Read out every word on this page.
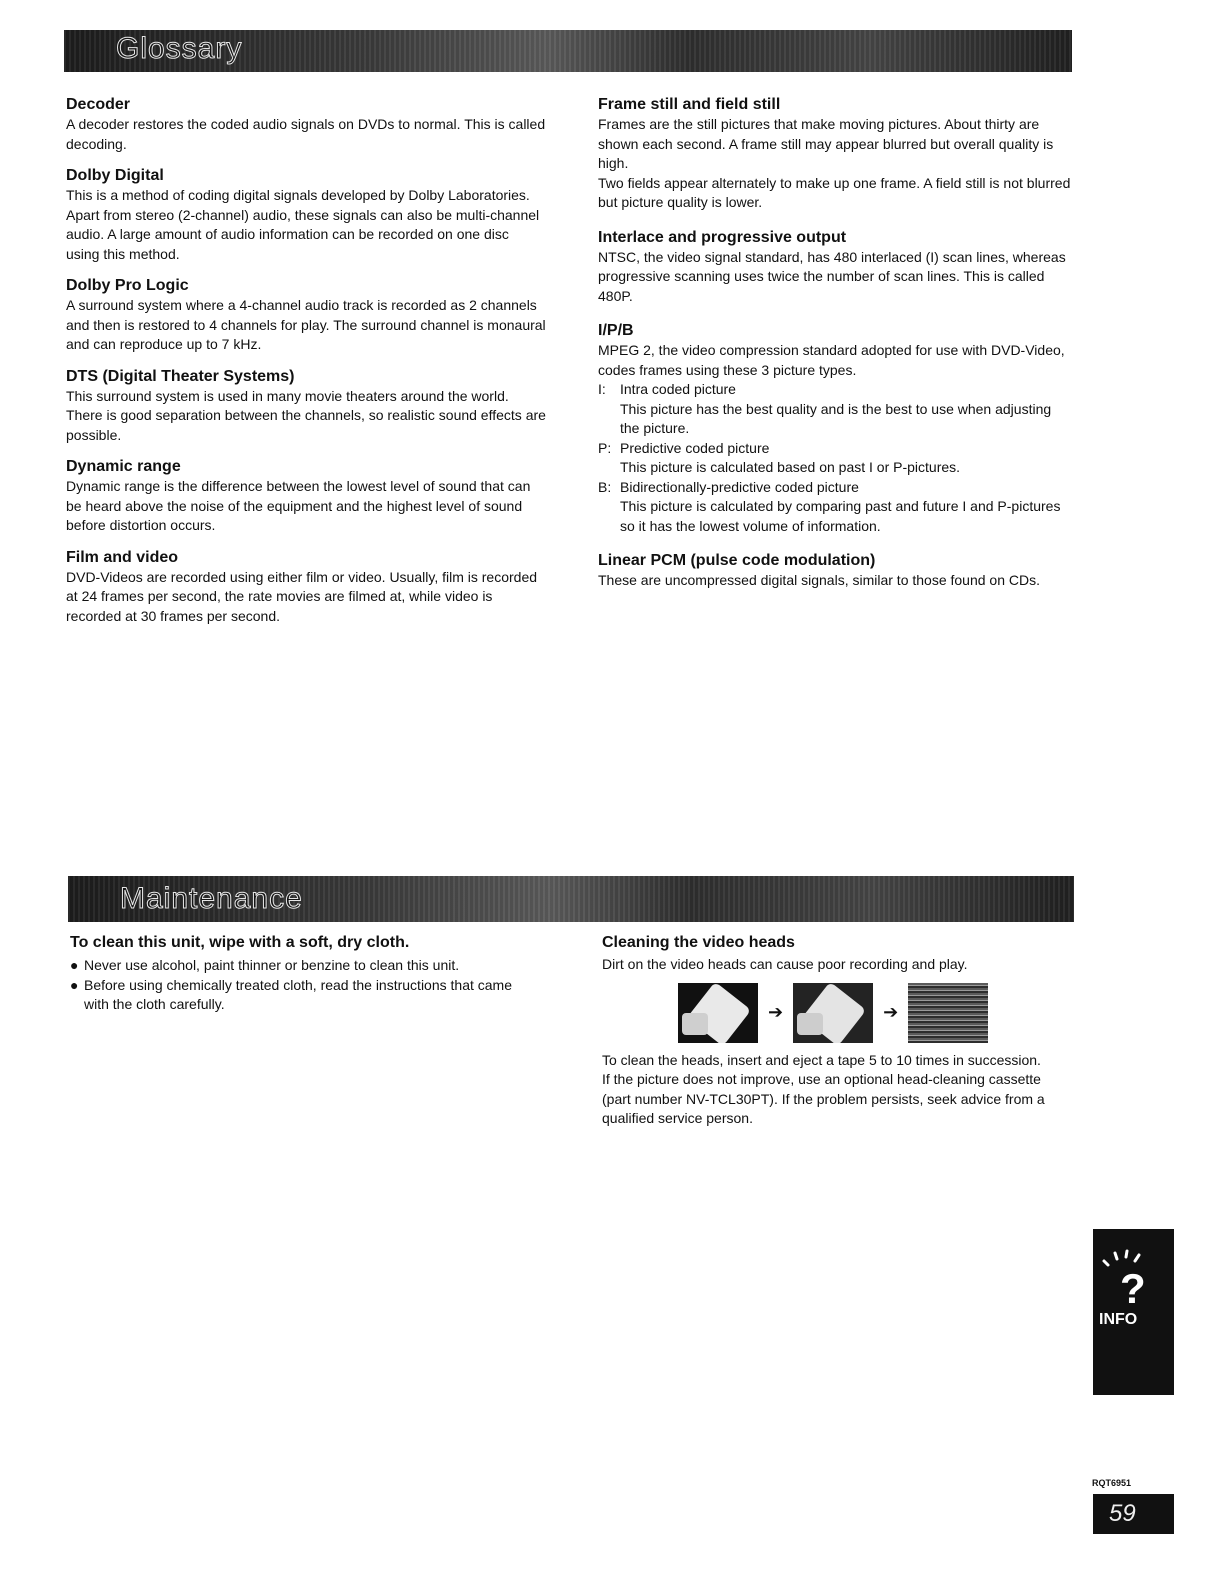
Glossary
Decoder

A decoder restores the coded audio signals on DVDs to normal. This is called decoding.

Dolby Digital

This is a method of coding digital signals developed by Dolby Laboratories. Apart from stereo (2-channel) audio, these signals can also be multi-channel audio. A large amount of audio information can be recorded on one disc using this method.

Dolby Pro Logic

A surround system where a 4-channel audio track is recorded as 2 channels and then is restored to 4 channels for play. The surround channel is monaural and can reproduce up to 7 kHz.

DTS (Digital Theater Systems)

This surround system is used in many movie theaters around the world. There is good separation between the channels, so realistic sound effects are possible.

Dynamic range

Dynamic range is the difference between the lowest level of sound that can be heard above the noise of the equipment and the highest level of sound before distortion occurs.

Film and video

DVD-Videos are recorded using either film or video. Usually, film is recorded at 24 frames per second, the rate movies are filmed at, while video is recorded at 30 frames per second.

Frame still and field still

Frames are the still pictures that make moving pictures. About thirty are shown each second. A frame still may appear blurred but overall quality is high.

Two fields appear alternately to make up one frame. A field still is not blurred but picture quality is lower.

Interlace and progressive output

NTSC, the video signal standard, has 480 interlaced (I) scan lines, whereas progressive scanning uses twice the number of scan lines. This is called 480P.

I/P/B

MPEG 2, the video compression standard adopted for use with DVD-Video, codes frames using these 3 picture types.

I:	Intra coded picture
This picture has the best quality and is the best to use when adjusting the picture.
P: Predictive coded picture
This picture is calculated based on past I or P-pictures.
B: Bidirectionally-predictive coded picture
This picture is calculated by comparing past and future I and P-pictures so it has the lowest volume of information.
Linear PCM (pulse code modulation)

These are uncompressed digital signals, similar to those found on CDs.

Maintenance
To clean this unit, wipe with a soft, dry cloth.

● Never use alcohol, paint thinner or benzine to clean this unit.

● Before using chemically treated cloth, read the instructions that came with the cloth carefully.

Cleaning the video heads

Dirt on the video heads can cause poor recording and play.

➔	➔

To clean the heads, insert and eject a tape 5 to 10 times in succession.

If the picture does not improve, use an optional head-cleaning cassette (part number NV-TCL30PT). If the problem persists, seek advice from a qualified service person.

?
INFO
RQT6951
59
